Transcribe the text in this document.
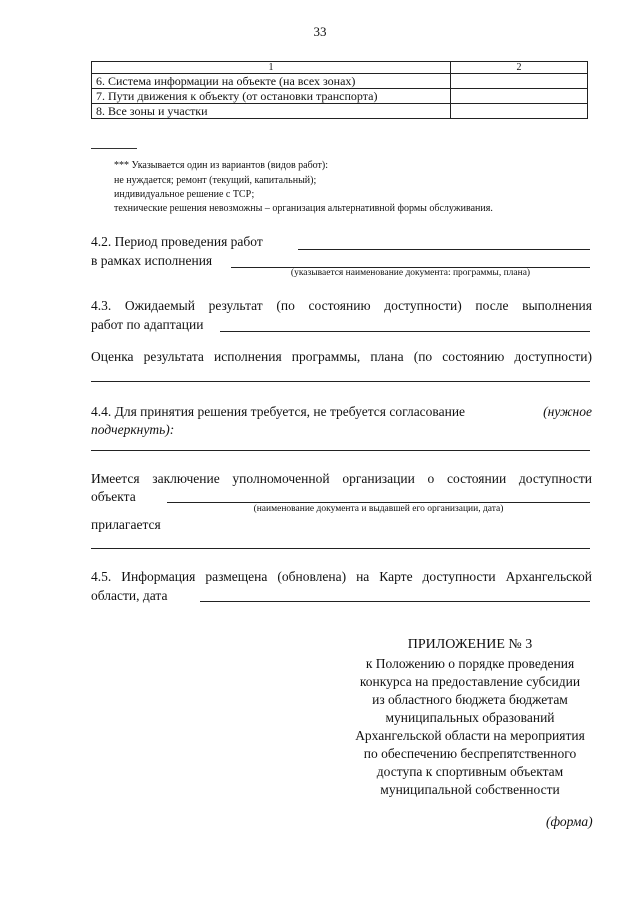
33
1	2
6. Система информации на объекте (на всех зонах)	
7. Пути движения к объекту (от остановки транспорта)	
8. Все зоны и участки	
*** Указывается один из вариантов (видов работ):
не нуждается; ремонт (текущий, капитальный);
индивидуальное решение с ТСР;
технические решения невозможны – организация альтернативной формы обслуживания.
4.2. Период проведения работ
в рамках исполнения
(указывается наименование документа: программы, плана)
4.3. Ожидаемый результат (по состоянию доступности) после выполнения
работ по адаптации
Оценка результата исполнения программы, плана (по состоянию доступности)
4.4. Для принятия решения требуется, не требуется согласование	(нужное
подчеркнуть):
Имеется заключение уполномоченной организации о состоянии доступности
объекта
(наименование документа и выдавшей его организации, дата)
прилагается
4.5. Информация размещена (обновлена) на Карте доступности Архангельской
области, дата
ПРИЛОЖЕНИЕ № 3
к Положению о порядке проведения
конкурса на предоставление субсидии
из областного бюджета бюджетам
муниципальных образований
Архангельской области на мероприятия
по обеспечению беспрепятственного
доступа к спортивным объектам
муниципальной собственности
(форма)
